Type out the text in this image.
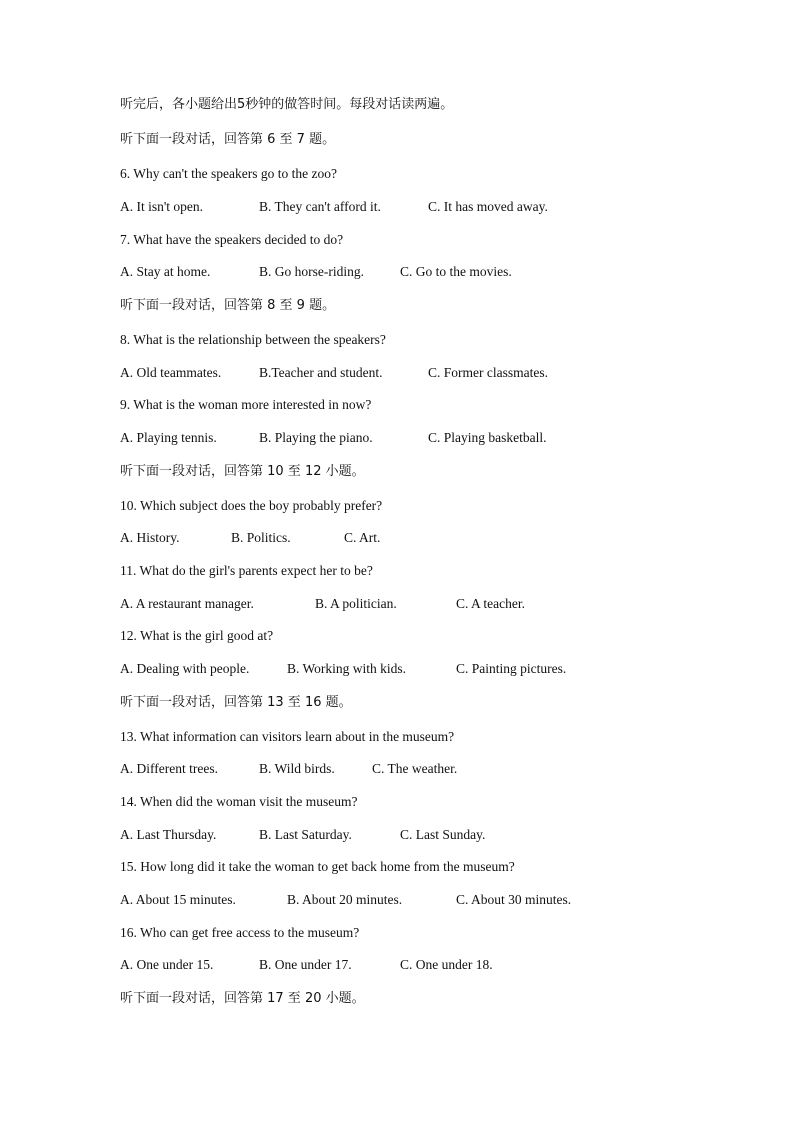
听完后，各小题给出5秒钟的做答时间。每段对话读两遍。
听下面一段对话，回答第 6 至 7 题。
6. Why can't the speakers go to the zoo?
A. It isn't open.	B. They can't afford it.	C. It has moved away.
7. What have the speakers decided to do?
A. Stay at home.	B. Go horse-riding.	C. Go to the movies.
听下面一段对话，回答第 8 至 9 题。
8. What is the relationship between the speakers?
A. Old teammates.	B.Teacher and student.	C. Former classmates.
9. What is the woman more interested in now?
A. Playing tennis.	B. Playing the piano.	C. Playing basketball.
听下面一段对话，回答第 10 至 12 小题。
10. Which subject does the boy probably prefer?
A. History.	B. Politics.	C. Art.
11. What do the girl's parents expect her to be?
A. A restaurant manager.	B. A politician.	C. A teacher.
12. What is the girl good at?
A. Dealing with people.	B. Working with kids.	C. Painting pictures.
听下面一段对话，回答第 13 至 16 题。
13. What information can visitors learn about in the museum?
A. Different trees.	B. Wild birds.	C. The weather.
14. When did the woman visit the museum?
A. Last Thursday.	B. Last Saturday.	C. Last Sunday.
15. How long did it take the woman to get back home from the museum?
A. About 15 minutes.	B. About 20 minutes.	C. About 30 minutes.
16. Who can get free access to the museum?
A. One under 15.	B. One under 17.	C. One under 18.
听下面一段对话，回答第 17 至 20 小题。
